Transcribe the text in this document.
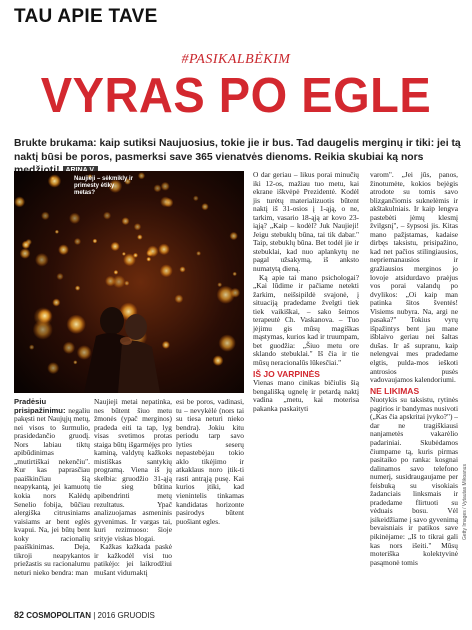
TAU APIE TAVE
#PASIKALBĖKIM
VYRAS PO EGLE
Brukte brukama: kaip sutiksi Naujuosius, tokie jie ir bus. Tad daugelis merginų ir tiki: jei tą naktį būsi be poros, pasmerksi save 365 vienatvės dienoms. Reikia skubiai ką nors
Naujieji – sėkmikly ir primesty ėtiky metas?

Pradėsiu prisipažinimu: negaliu pakęsti net Naujųjų metų, nei visos to šurmulio, prasidedančio gruodį. Nors labiau tiktų apibūdinimas „mutirtiškai nekenčiu". Kur kas paprasčiau paaiškinčiau šią neapykantą, jei kamuotų kokia nors Kalėdų Senelio fobija, būčiau alergiška citrusiniams vaisiams ar bent eglės kvapui. Na, jei būtų bent koky racionalių paaiškinimas. Deja, tikroji neapykantos priežastis su racionalumu neturi nieko bendra: man

Naujieji metai nepatinka, nes būtent šiuo metu žmonės (ypač merginos) pradeda eiti ta tap, lyg visas svetimos protas staiga būtų išgarmėjęs pro kaminą, valdytų kažkoks mistiškas santykių programą. Viena iš jų skelbia: gruodžio 31-ąją tie sieg būtina apibendrinti metų rezultatus. Ypač analizuojamas asmeninis gyvenimas. Ir vargas tai, kuri rezimuoso: šioje srityje viskas blogai.

Kažkas kažkada paskė ir kažkodėl visi tuo patikėjo: jei laikrodžiui mušant vidurnaktį

esi be poros, vadinasi, tu – nevykėlė (nors tai su tiesa neturi nieko bendra). Jokiu kitu periodu tarp savo lyties seserų nepastebėjau tokio aklo tikėjimo ir atkaklaus noro įtik-ti rasti antrąją pusę. Kai kurios įtiki, kad vienintelis tinkamas kandidatas horizonte pasirodys būtent puošiant egles.

O dar geriau – likus porai minučių iki 12-os, mažiau tuo metu, kai ekrane iškvėpė Prezidentė. Kodėl jis turėtų materializuotis būtent naktį iš 31-osios į 1-ąją, o ne, tarkim, vasario 18-ąją ar kovo 23-iąją? „Kaip – kodėl? Juk Naujieji! Jeigu stebuklų būna, tai tik dabar." Taip, stebuklų būna. Bet todėl jie ir stebuklai, kad nuo aplankytų ne pagal užsakymą, iš anksto numatytą dieną.

Ką apie tai mano psichologai? „Kai lūdime ir pačiame netekti žarkim, neišsipildė svajonė, į situaciją pradedame žvelgti tiek tiek vaikiškai, – sako šeimos terapeutė Ch. Vaskanova. – Tuo jėjimu gis mūsų magiškas mąstymas, kurios kad ir truumpam, bet guodžia: „Šiuo metu ore sklando stebuklai." Iš čia ir tie mūsų neracionalūs lūkesčiai."

IŠ JO VARPINĖS

Vienas mano cinikas bičiulis šią bengališką ugnelę ir petardą naktį vadina „metu, kai moterisa pakanka paskaityti

varom". „Jei jūs, panos, žinotumėte, kokios bejėgis atrodote su tomis savo blizgančiomis suknelėmis ir akštakulniais. Ir kaip lengva pastebėti jėmų klesmį žvilgsnį", – šypsosi jis. Kitas mano pažįstamas, kadaise dirbęs taksistu, prisipažino, kad net pačios stilingiausios, nepriemanausios ir gražiausios merginos jo lovoje atsidurdavo praėjus vos porai valandų po dvylikos: „Oi kaip man patinka šitos šventės! Visiems nubyra. Na, argi ne pasaka?" Tokius vyrų išpažintys bent jau mane išblaivo geriau nei šaltas dušas. Ir aš supranu, kaip nelengvai mes pradedame elgtis, pulda-mos ieškoti antrosios pusės vadovaujamos kalendoriumi.

NE LIKIMAS

Nuotykis su taksistu, rytinės pagirios ir bandymas nusivoti („Kas čia apskritai įvyko?") – dar ne tragiškiausi nanjametės vakarėlio padariniai. Skubėdamos čiumpame tą, kuris pirmas pasitaiko po ranka: kosgnai dalinamos savo telefono numerį, susidraugaujame per feisbuką su visokiais žadanciais linksmais ir pradedame flirtuoti su vėduais bosu. Vėl įsikeidžiame į savo gyvenimą bevaisniais ir patikos save pikinėjame: „Iš to tikrai gali kas nors išeiti." Mūsų moteriška kolektyvinė pasąmonė tomis

Getty Images / Vytautas Mikoanus
82 COSMOPOLITAN | 2016 GRUODIS
